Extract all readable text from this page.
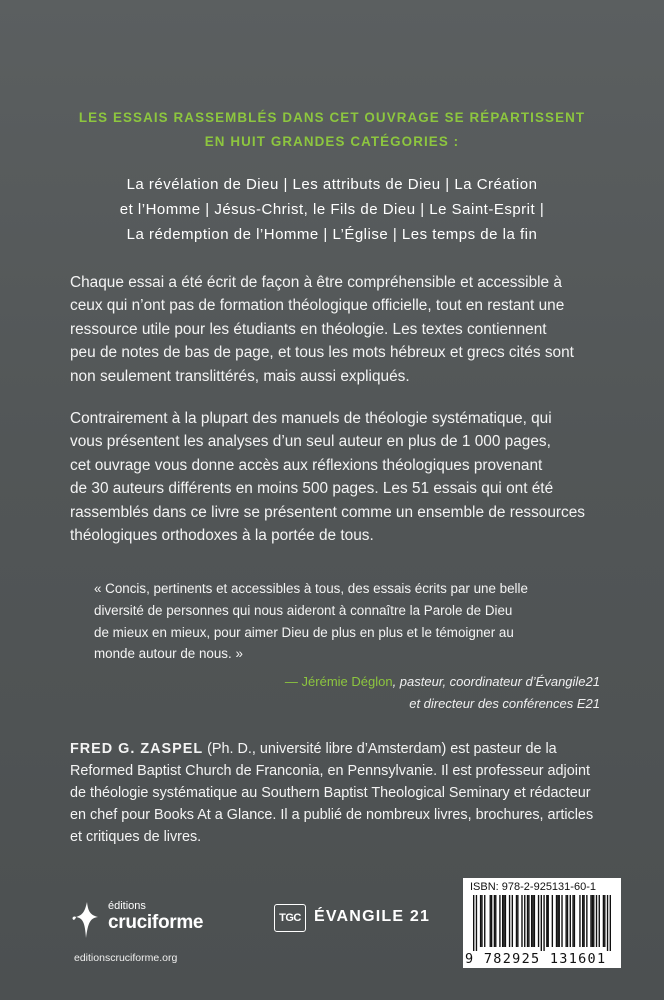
LES ESSAIS RASSEMBLÉS DANS CET OUVRAGE SE RÉPARTISSENT
EN HUIT GRANDES CATÉGORIES :
La révélation de Dieu | Les attributs de Dieu | La Création
et l’Homme | Jésus-Christ, le Fils de Dieu | Le Saint-Esprit |
La rédemption de l’Homme | L’Église | Les temps de la fin
Chaque essai a été écrit de façon à être compréhensible et accessible à
ceux qui n’ont pas de formation théologique officielle, tout en restant une
ressource utile pour les étudiants en théologie. Les textes contiennent
peu de notes de bas de page, et tous les mots hébreux et grecs cités sont
non seulement translittérés, mais aussi expliqués.
Contrairement à la plupart des manuels de théologie systématique, qui
vous présentent les analyses d’un seul auteur en plus de 1 000 pages,
cet ouvrage vous donne accès aux réflexions théologiques provenant
de 30 auteurs différents en moins 500 pages. Les 51 essais qui ont été
rassemblés dans ce livre se présentent comme un ensemble de ressources
théologiques orthodoxes à la portée de tous.
« Concis, pertinents et accessibles à tous, des essais écrits par une belle
diversité de personnes qui nous aideront à connaître la Parole de Dieu
de mieux en mieux, pour aimer Dieu de plus en plus et le témoigner au
monde autour de nous. »
— Jérémie Déglon, pasteur, coordinateur d’Évangile21
et directeur des conférences E21
FRED G. ZASPEL (Ph. D., université libre d’Amsterdam) est pasteur de la
Reformed Baptist Church de Franconia, en Pennsylvanie. Il est professeur adjoint
de théologie systématique au Southern Baptist Theological Seminary et rédacteur
en chef pour Books At a Glance. Il a publié de nombreux livres, brochures, articles
et critiques de livres.
éditions
cruciforme
editionscruciforme.org
TGC ÉVANGILE 21
ISBN: 978-2-925131-60-1
9 782925 131601
